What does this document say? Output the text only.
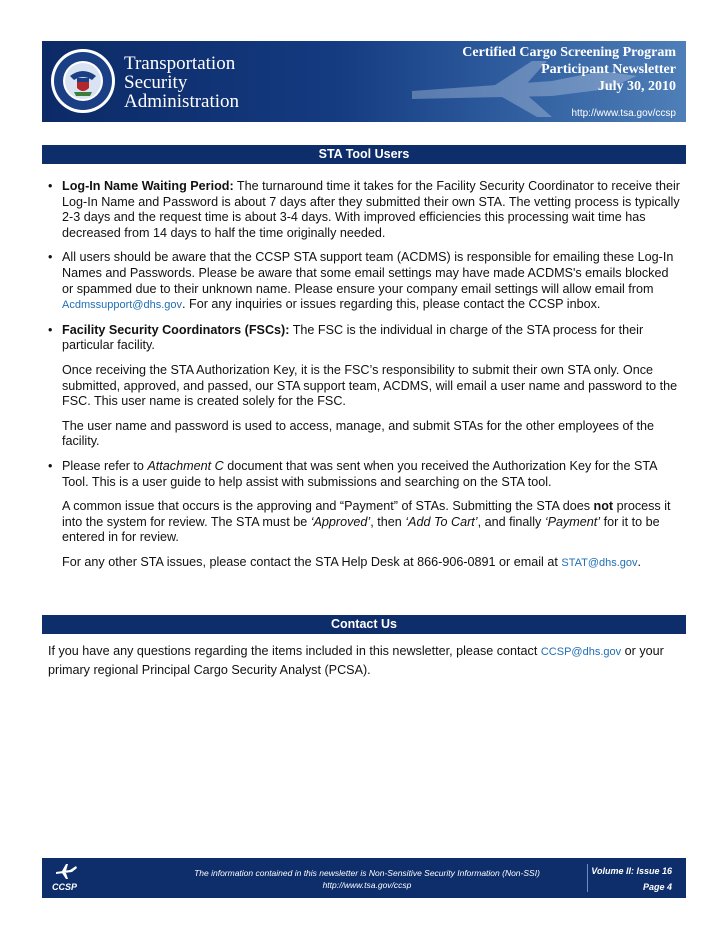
Transportation
Security
Administration
Certified Cargo Screening Program
Participant Newsletter
July 30, 2010
http://www.tsa.gov/ccsp
STA Tool Users
• Log-In Name Waiting Period: The turnaround time it takes for the Facility Security Coordinator to receive their Log-In Name and Password is about 7 days after they submitted their own STA. The vetting process is typically 2-3 days and the request time is about 3-4 days. With improved efficiencies this processing wait time has decreased from 14 days to half the time originally needed.

• All users should be aware that the CCSP STA support team (ACDMS) is responsible for emailing these Log-In Names and Passwords. Please be aware that some email settings may have made ACDMS's emails blocked or spammed due to their unknown name. Please ensure your company email settings will allow email from Acdmssupport@dhs.gov. For any inquiries or issues regarding this, please contact the CCSP inbox.

• Facility Security Coordinators (FSCs): The FSC is the individual in charge of the STA process for their particular facility.

Once receiving the STA Authorization Key, it is the FSC’s responsibility to submit their own STA only. Once submitted, approved, and passed, our STA support team, ACDMS, will email a user name and password to the FSC. This user name is created solely for the FSC.

The user name and password is used to access, manage, and submit STAs for the other employees of the facility.

• Please refer to Attachment C document that was sent when you received the Authorization Key for the STA Tool. This is a user guide to help assist with submissions and searching on the STA tool.

A common issue that occurs is the approving and “Payment” of STAs. Submitting the STA does not process it into the system for review. The STA must be ‘Approved’, then ‘Add To Cart’, and finally ‘Payment’ for it to be entered in for review.

For any other STA issues, please contact the STA Help Desk at 866-906-0891 or email at STAT@dhs.gov.

Contact Us
If you have any questions regarding the items included in this newsletter, please contact CCSP@dhs.gov or your primary regional Principal Cargo Security Analyst (PCSA).
CCSP
The information contained in this newsletter is Non-Sensitive Security Information (Non-SSI)
http://www.tsa.gov/ccsp
Volume II: Issue 16
Page 4
